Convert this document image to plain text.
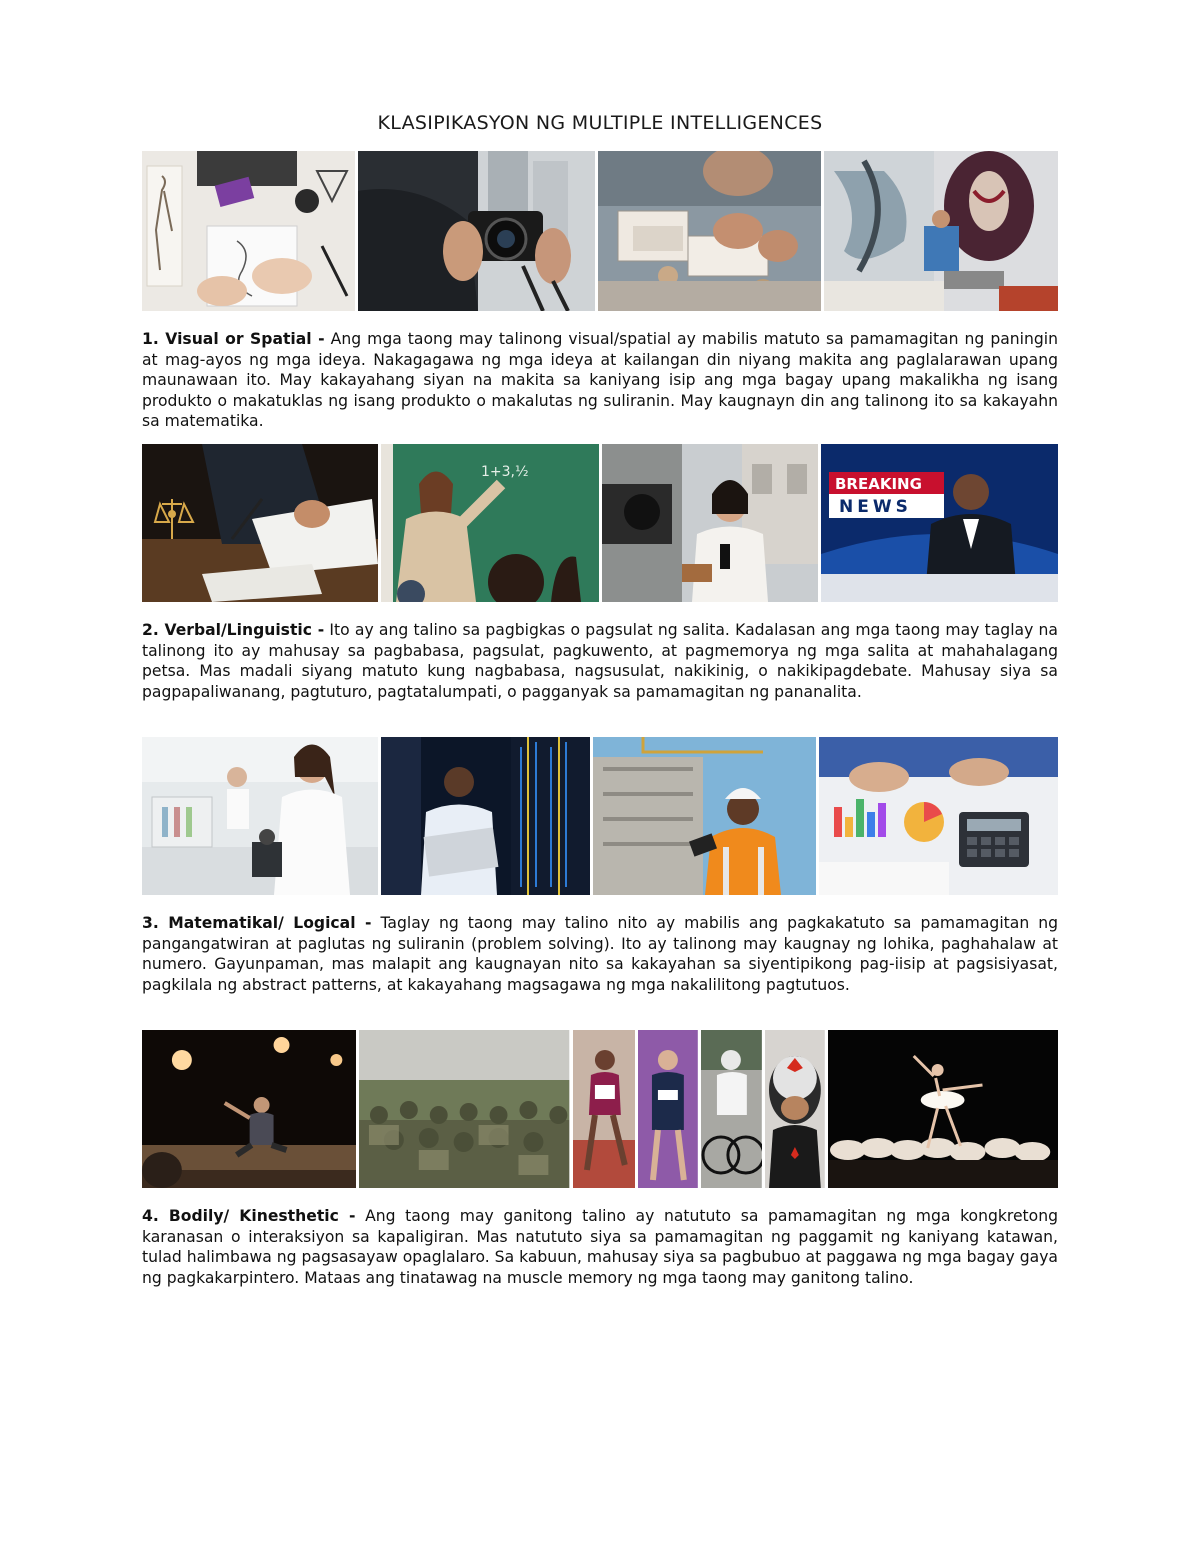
KLASIPIKASYON NG MULTIPLE INTELLIGENCES
1. Visual or Spatial - Ang mga taong may talinong visual/spatial ay mabilis matuto sa pamamagitan ng paningin at mag-ayos ng mga ideya. Nakagagawa ng mga ideya at kailangan din niyang makita ang paglalarawan upang maunawaan ito. May kakayahang siyan na makita sa kaniyang isip ang mga bagay upang makalikha ng isang produkto o makatuklas ng isang produkto o makalutas ng suliranin. May kaugnayn din ang talinong ito sa kakayahn sa matematika.
1+3,½
BREAKING
NEWS
2. Verbal/Linguistic - Ito ay ang talino sa pagbigkas o pagsulat ng salita. Kadalasan ang mga taong may taglay na talinong ito ay mahusay sa pagbabasa, pagsulat, pagkuwento, at pagmemorya ng mga salita at mahahalagang petsa. Mas madali siyang matuto kung nagbabasa, nagsusulat, nakikinig, o nakikipagdebate. Mahusay siya sa pagpapaliwanang, pagtuturo, pagtatalumpati, o pagganyak sa pamamagitan ng pananalita.
3. Matematikal/ Logical - Taglay ng taong may talino nito ay mabilis ang pagkakatuto sa pamamagitan ng pangangatwiran at paglutas ng suliranin (problem solving). Ito ay talinong may kaugnay ng lohika, paghahalaw at numero. Gayunpaman, mas malapit ang kaugnayan nito sa kakayahan sa siyentipikong pag-iisip at pagsisiyasat, pagkilala ng abstract patterns, at kakayahang magsagawa ng mga nakalilitong pagtutuos.
4. Bodily/ Kinesthetic - Ang taong may ganitong talino ay natututo sa pamamagitan ng mga kongkretong karanasan o interaksiyon sa kapaligiran. Mas natututo siya sa pamamagitan ng paggamit ng kaniyang katawan, tulad halimbawa ng pagsasayaw opaglalaro. Sa kabuun, mahusay siya sa pagbubuo at paggawa ng mga bagay gaya ng pagkakarpintero. Mataas ang tinatawag na muscle memory ng mga taong may ganitong talino.
